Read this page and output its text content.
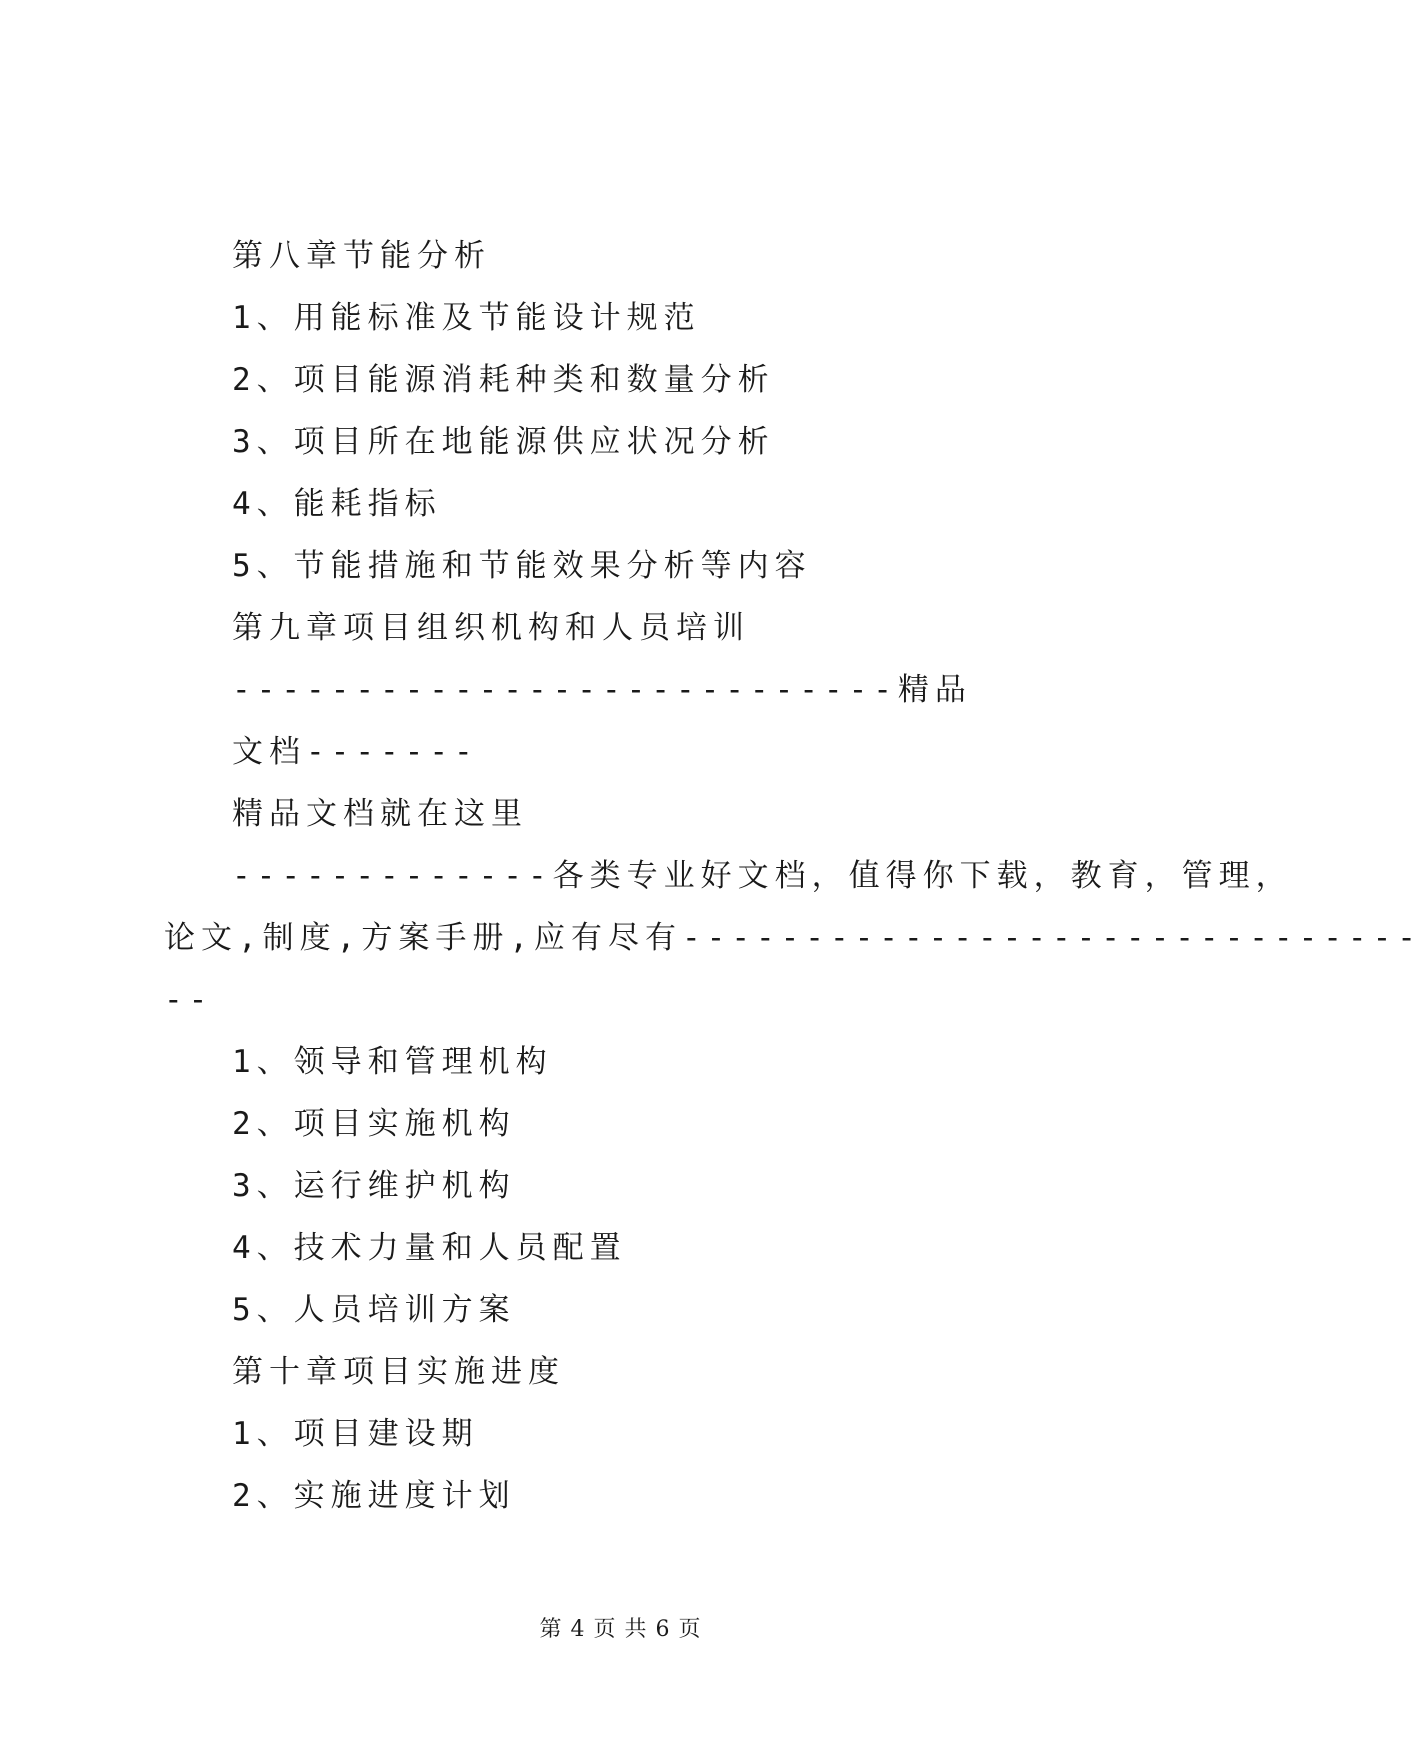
第八章节能分析
1、用能标准及节能设计规范
2、项目能源消耗种类和数量分析
3、项目所在地能源供应状况分析
4、能耗指标
5、节能措施和节能效果分析等内容
第九章项目组织机构和人员培训
---------------------------精品
文档-------
精品文档就在这里
-------------各类专业好文档，值得你下载，教育，管理，
论文,制度,方案手册,应有尽有------------------------------
--
1、领导和管理机构
2、项目实施机构
3、运行维护机构
4、技术力量和人员配置
5、人员培训方案
第十章项目实施进度
1、项目建设期
2、实施进度计划
第 4 页 共 6 页
